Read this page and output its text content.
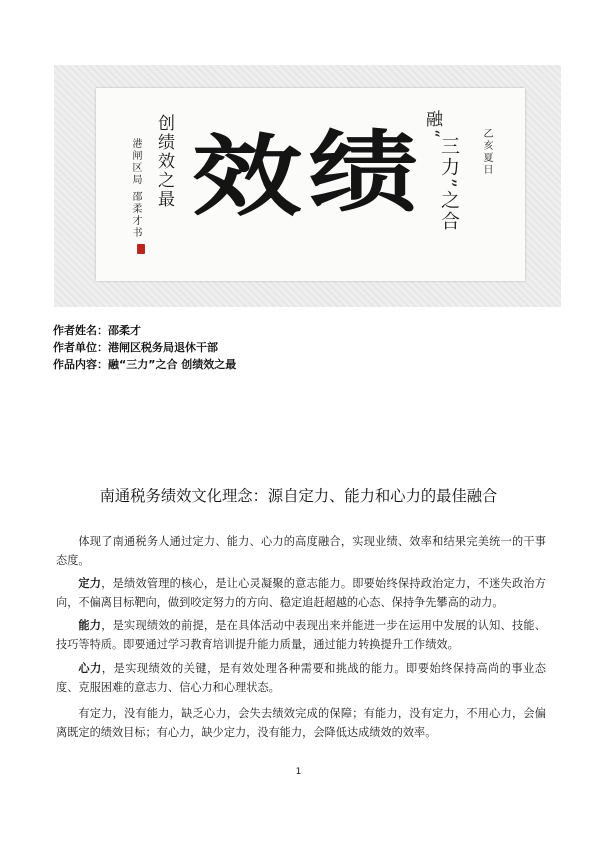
融“
三力”之合	乙亥夏日
绩
效
创绩效之最
港闸区局 邵柔才书
作者姓名：邵柔才
作者单位：港闸区税务局退休干部
作品内容：融“三力”之合 创绩效之最
南通税务绩效文化理念：源自定力、能力和心力的最佳融合
体现了南通税务人通过定力、能力、心力的高度融合，实现业绩、效率和结果完美统一的干事态度。
定力，是绩效管理的核心，是让心灵凝聚的意志能力。即要始终保持政治定力，不迷失政治方向，不偏离目标靶向，做到咬定努力的方向、稳定追赶超越的心态、保持争先攀高的动力。
能力，是实现绩效的前提，是在具体活动中表现出来并能进一步在运用中发展的认知、技能、技巧等特质。即要通过学习教育培训提升能力质量，通过能力转换提升工作绩效。
心力，是实现绩效的关键，是有效处理各种需要和挑战的能力。即要始终保持高尚的事业态度、克服困难的意志力、信心力和心理状态。
有定力，没有能力，缺乏心力，会失去绩效完成的保障；有能力，没有定力，不用心力，会偏离既定的绩效目标；有心力，缺少定力，没有能力，会降低达成绩效的效率。
1
